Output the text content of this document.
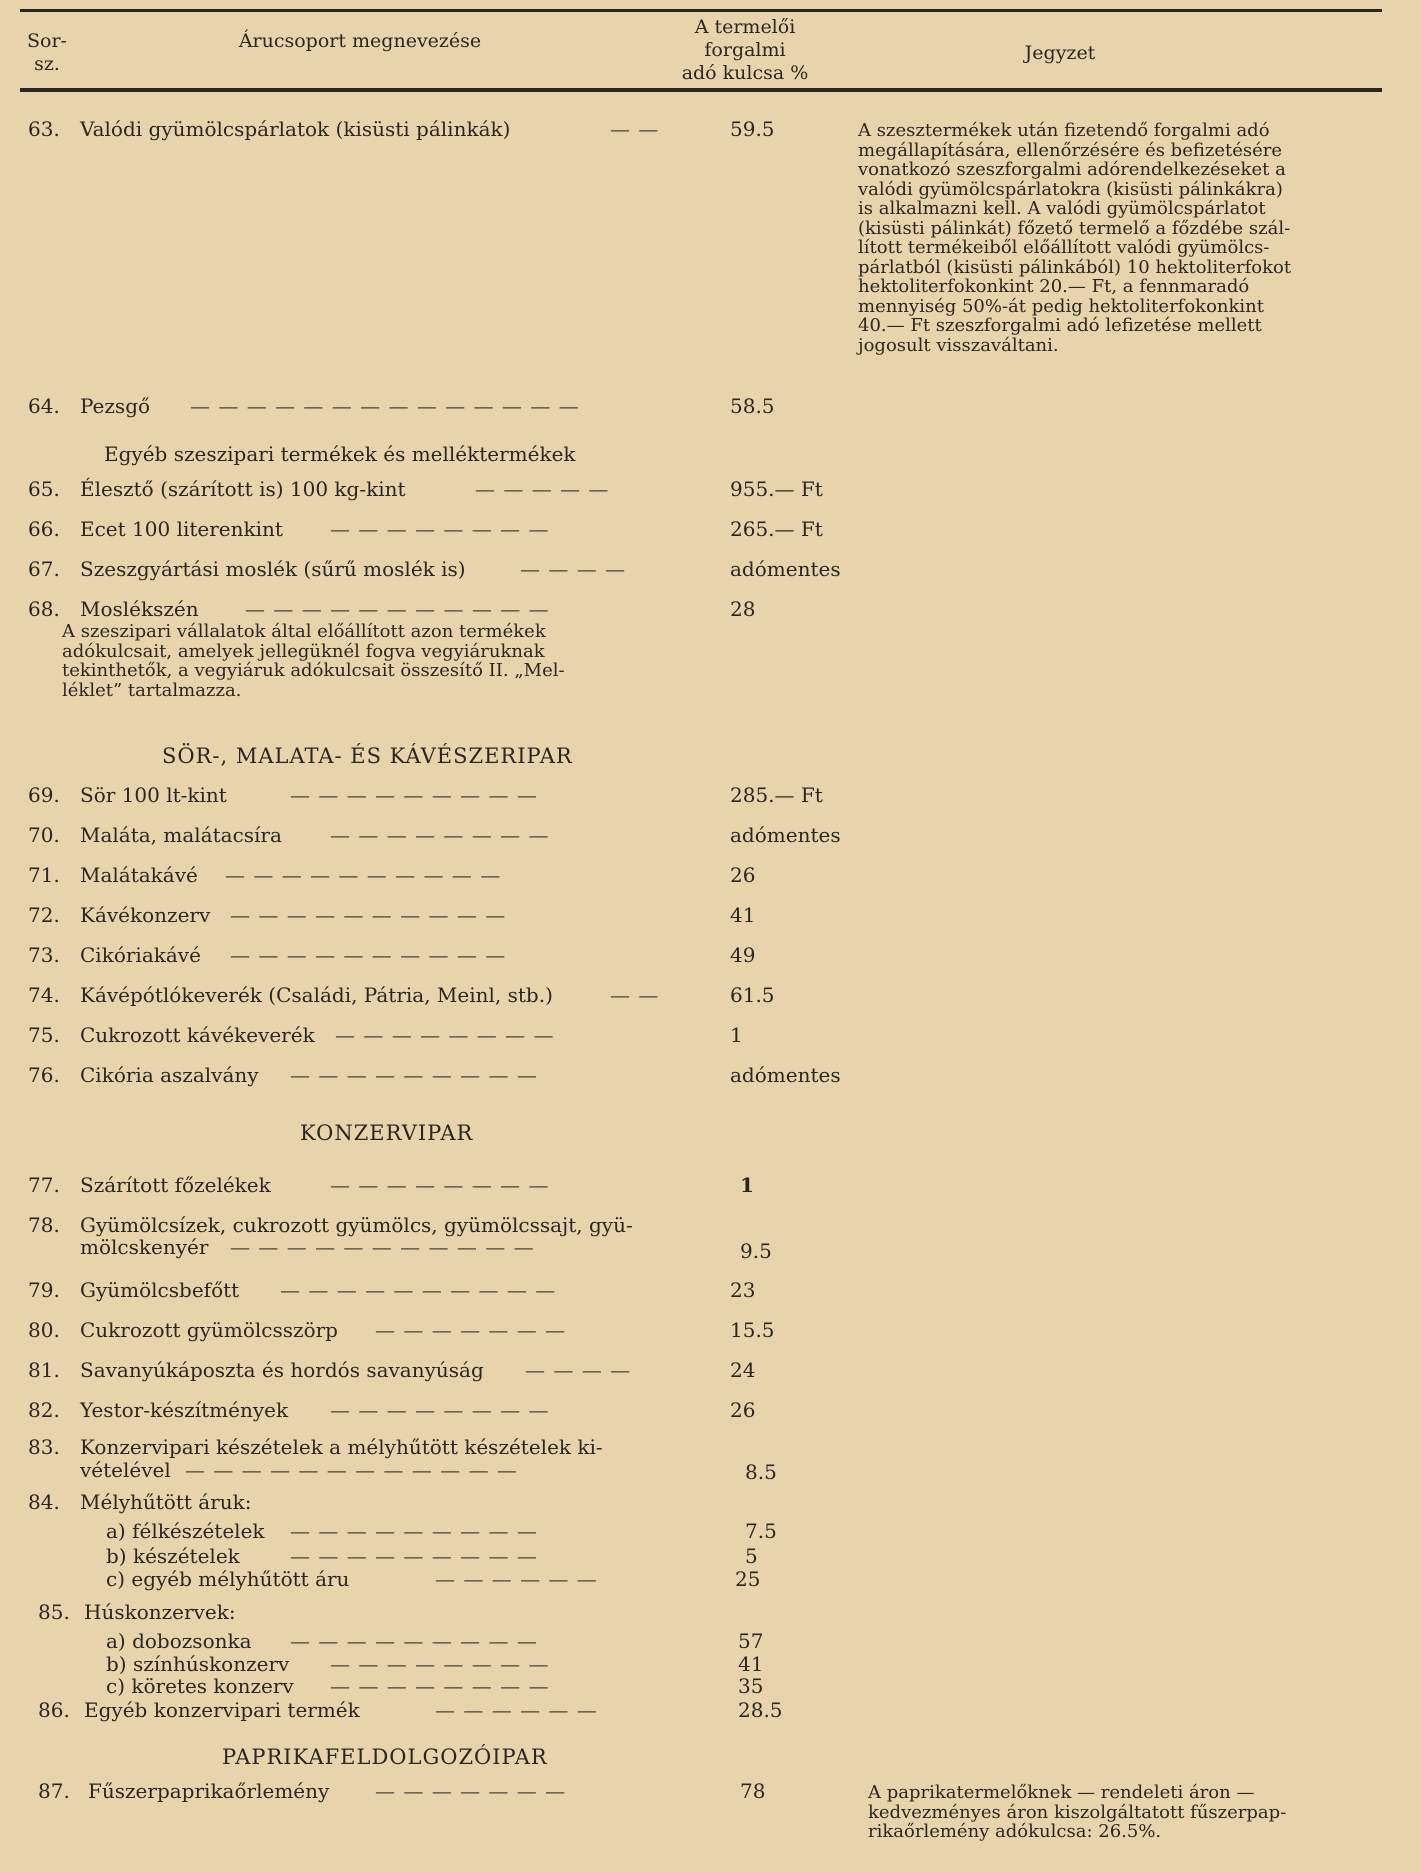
Sor-
sz.
Árucsoport megnevezése
A termelői
forgalmi
adó kulcsa %
Jegyzet
63.	Valódi gyümölcspárlatok (kisüsti pálinkák)	— —	59.5	A szesztermékek után fizetendő forgalmi adó
megállapítására, ellenőrzésére és befizetésére
vonatkozó szeszforgalmi adórendelkezéseket a
valódi gyümölcspárlatokra (kisüsti pálinkákra)
is alkalmazni kell. A valódi gyümölcspárlatot
(kisüsti pálinkát) főzető termelő a főzdébe szál-
lított termékeiből előállított valódi gyümölcs-
párlatból (kisüsti pálinkából) 10 hektoliterfokot
hektoliterfokonkint 20.— Ft, a fennmaradó
mennyiség 50%-át pedig hektoliterfokonkint
40.— Ft szeszforgalmi adó lefizetése mellett
jogosult visszaváltani.
64.	Pezsgő — — — — — — — — — — — — — —	58.5
Egyéb szeszipari termékek és melléktermékek
65.	Élesztő (szárított is) 100 kg-kint	— — — — —	955.— Ft
66.	Ecet 100 literenkint — — — — — — — —	265.— Ft
67.	Szeszgyártási moslék (sűrű moslék is)	— — — —	adómentes
68.	Moslékszén — — — — — — — — — — —	28
A szeszipari vállalatok által előállított azon termékek
adókulcsait, amelyek jellegüknél fogva vegyiáruknak
tekinthetők, a vegyiáruk adókulcsait összesítő II. „Mel-
léklet” tartalmazza.
SÖR-, MALATA- ÉS KÁVÉSZERIPAR
69.	Sör 100 lt-kint	— — — — — — — — —	285.— Ft
70.	Maláta, malátacsíra — — — — — — — —	adómentes
71.	Malátakávé — — — — — — — — — —	26
72.	Kávékonzerv — — — — — — — — — —	41
73.	Cikóriakávé — — — — — — — — — —	49
74.	Kávépótlókeverék (Családi, Pátria, Meinl, stb.)	— —	61.5
75.	Cukrozott kávékeverék — — — — — — — —	1
76.	Cikória aszalvány — — — — — — — — —	adómentes
KONZERVIPAR
77.	Szárított főzelékek	— — — — — — — —	1
78.	Gyümölcsízek, cukrozott gyümölcs, gyümölcssajt, gyü-
mölcskenyér — — — — — — — — — — —	9.5
79.	Gyümölcsbefőtt — — — — — — — — — —	23
80.	Cukrozott gyümölcsszörp — — — — — — —	15.5
81.	Savanyúkáposzta és hordós savanyúság — — — —	24
82.	Yestor-készítmények — — — — — — — —	26
83.	Konzervipari készételek a mélyhűtött készételek ki-
vételével — — — — — — — — — — — —	8.5
84.	Mélyhűtött áruk:
a) félkészételek — — — — — — — — —	7.5
b) készételek	— — — — — — — — —	5
c) egyéb mélyhűtött áru	— — — — — —	25
85. Húskonzervek:
a) dobozsonka — — — — — — — — —	57
b) színhúskonzerv — — — — — — — —	41
c) köretes konzerv — — — — — — — —	35
86. Egyéb konzervipari termék	— — — — — —	28.5
PAPRIKAFELDOLGOZÓIPAR
87. Fűszerpaprikaőrlemény — — — — — — —	78	A paprikatermelőknek — rendeleti áron —
kedvezményes áron kiszolgáltatott fűszerpap-
rikaőrlemény adókulcsa: 26.5%.
